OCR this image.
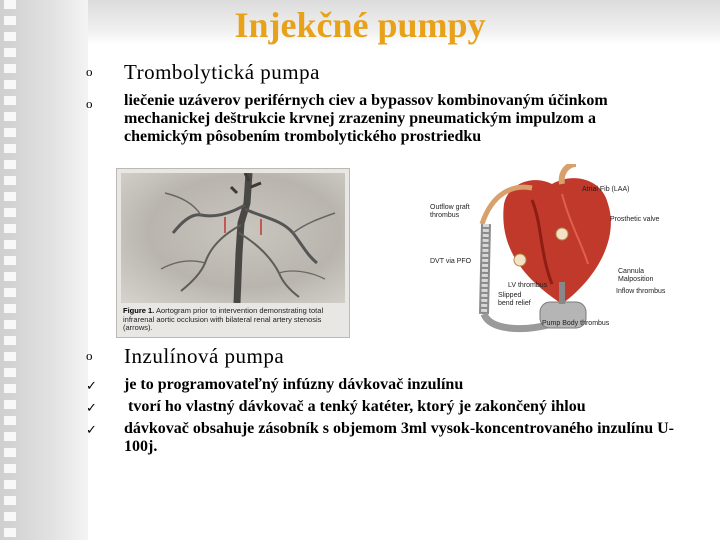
Injekčné pumpy
o	Trombolytická pumpa
o	liečenie uzáverov periférnych ciev a bypassov kombinovaným účinkom mechanickej deštrukcie krvnej zrazeniny pneumatickým impulzom a chemickým pôsobením trombolytického prostriedku
Figure 1. Aortogram prior to intervention demonstrating total infrarenal aortic occlusion with bilateral renal artery stenosis (arrows).
Outflow graft thrombus
Atrial Fib (LAA)
Prosthetic valve
DVT via PFO
Cannula Malposition
LV thrombus
Inflow thrombus
Slipped bend relief
Pump Body thrombus
o	Inzulínová pumpa
✓	je to programovateľný infúzny dávkovač inzulínu
✓	tvorí ho vlastný dávkovač a tenký katéter, ktorý je zakončený ihlou
✓	dávkovač obsahuje zásobník s objemom 3ml vysok-koncentrovaného inzulínu U-100j.
